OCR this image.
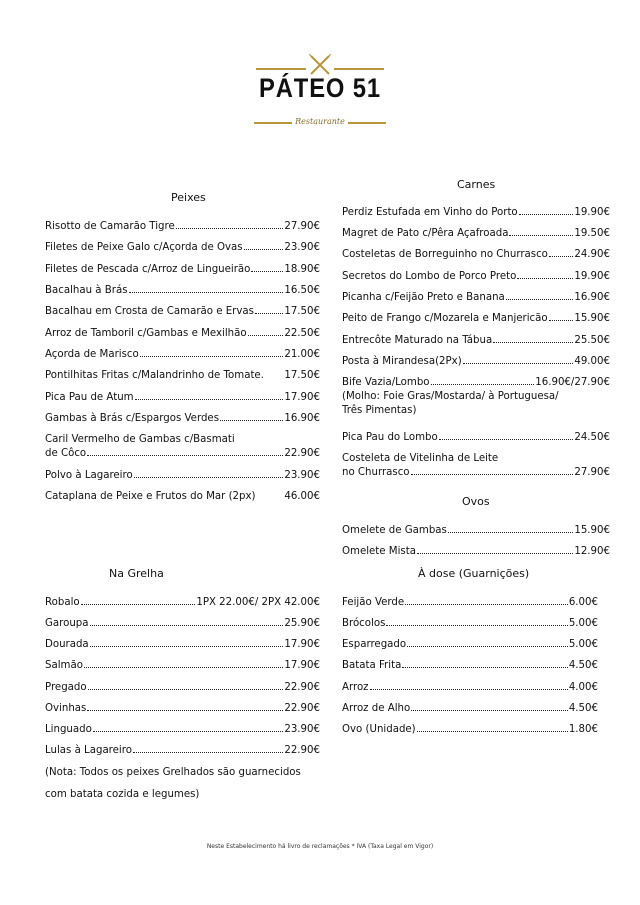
PÁTEO 51
Restaurante
Peixes
Risotto de Camarão Tigre	27.90€
Filetes de Peixe Galo c/Açorda de Ovas	23.90€
Filetes de Pescada c/Arroz de Lingueirão	18.90€
Bacalhau à Brás	16.50€
Bacalhau em Crosta de Camarão e Ervas	17.50€
Arroz de Tamboril c/Gambas e Mexilhão	22.50€
Açorda de Marisco	21.00€
Pontilhitas Fritas c/Malandrinho de Tomate. 17.50€
Pica Pau de Atum	17.90€
Gambas à Brás c/Espargos Verdes	16.90€
Caril Vermelho de Gambas c/Basmati
de Côco	22.90€
Polvo à Lagareiro	23.90€
Cataplana de Peixe e Frutos do Mar (2px)	46.00€
Na Grelha
Robalo	1PX 22.00€/ 2PX 42.00€
Garoupa	25.90€
Dourada	17.90€
Salmão	17.90€
Pregado	22.90€
Ovinhas	22.90€
Linguado	23.90€
Lulas à Lagareiro	22.90€
(Nota: Todos os peixes Grelhados são guarnecidos
com batata cozida e legumes)
Carnes
Perdiz Estufada em Vinho do Porto	19.90€
Magret de Pato c/Pêra Açafroada	19.50€
Costeletas de Borreguinho no Churrasco	24.90€
Secretos do Lombo de Porco Preto	19.90€
Picanha c/Feijão Preto e Banana	16.90€
Peito de Frango c/Mozarela e Manjericão	15.90€
Entrecôte Maturado na Tábua	25.50€
Posta à Mirandesa(2Px)	49.00€
Bife Vazia/Lombo	16.90€/27.90€
(Molho: Foie Gras/Mostarda/ à Portuguesa/
Três Pimentas)
Pica Pau do Lombo	24.50€
Costeleta de Vitelinha de Leite
no Churrasco	27.90€
Ovos
Omelete de Gambas	15.90€
Omelete Mista	12.90€
À dose (Guarnições)
Feijão Verde	6.00€
Brócolos	5.00€
Esparregado	5.00€
Batata Frita	4.50€
Arroz	4.00€
Arroz de Alho	4.50€
Ovo (Unidade)	1.80€
Neste Estabelecimento há livro de reclamações * IVA (Taxa Legal em Vigor)
